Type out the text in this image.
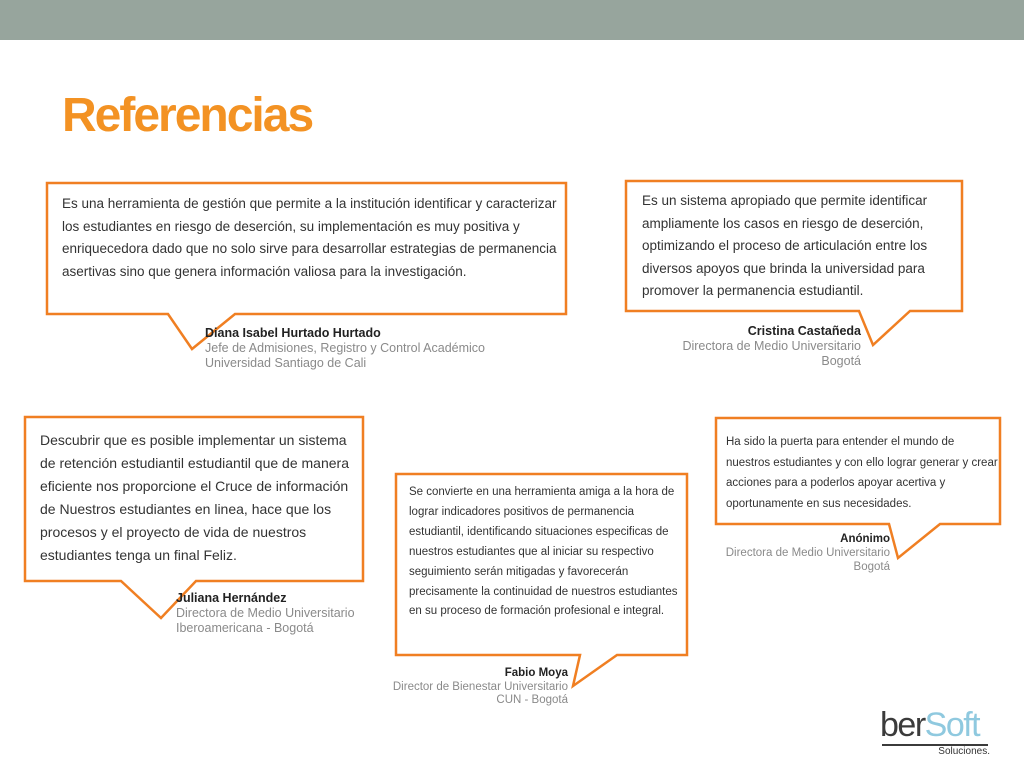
Referencias

Es una herramienta de gestión que permite a la institución identificar y caracterizar los estudiantes en riesgo de deserción, su implementación es muy positiva y enriquecedora dado que no solo sirve para desarrollar estrategias de permanencia asertivas sino que genera información valiosa para la investigación.

Diana Isabel Hurtado Hurtado
Jefe de Admisiones, Registro y Control Académico
Universidad Santiago de Cali

Es un sistema apropiado que permite identificar ampliamente los casos en riesgo de deserción, optimizando el proceso de articulación entre los diversos apoyos que brinda la universidad para promover la permanencia estudiantil.

Cristina Castañeda
Directora de Medio Universitario
Bogotá

Descubrir que es posible implementar un sistema de retención estudiantil estudiantil que de manera eficiente nos proporcione el Cruce de información de Nuestros estudiantes en linea, hace que los procesos y el proyecto de vida de nuestros estudiantes tenga un final Feliz.

Juliana Hernández
Directora de Medio Universitario
Iberoamericana - Bogotá

Se convierte en una herramienta amiga a la hora de lograr indicadores positivos de permanencia estudiantil, identificando situaciones especificas de nuestros estudiantes que al iniciar su respectivo seguimiento serán mitigadas y favorecerán precisamente la continuidad de nuestros estudiantes en su proceso de formación profesional e integral.

Fabio Moya
Director de Bienestar Universitario
CUN - Bogotá

Ha sido la puerta para entender el mundo de nuestros estudiantes y con ello lograr generar y crear acciones para a poderlos apoyar acertiva y oportunamente en sus necesidades.

Anónimo
Directora de Medio Universitario
Bogotá
berSoft
Soluciones.
